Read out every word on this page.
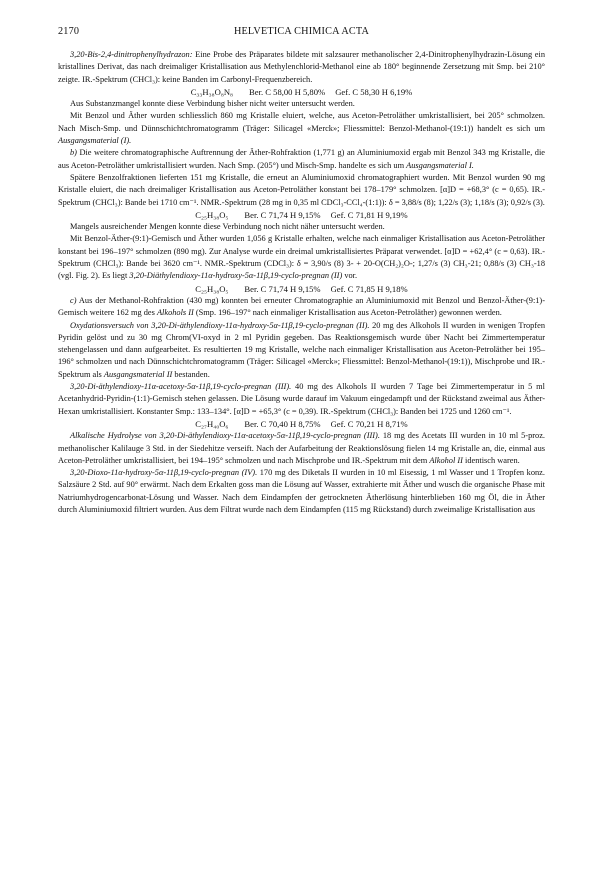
2170	HELVETICA CHIMICA ACTA

3,20-Bis-2,4-dinitrophenylhydrazon: Eine Probe des Präparates bildete mit salzsaurer methanolischer 2,4-Dinitrophenylhydrazin-Lösung ein kristallines Derivat, das nach dreimaliger Kristallisation aus Methylenchlorid-Methanol eine ab 180° beginnende Zersetzung mit Smp. bei 210° zeigte. IR.-Spektrum (CHCl₃): keine Banden im Carbonyl-Frequenzbereich.

C₃₃H₃₈O₈N₈ Ber. C 58,00 H 5,80% Gef. C 58,30 H 6,19%

Aus Substanzmangel konnte diese Verbindung bisher nicht weiter untersucht werden.

Mit Benzol und Äther wurden schliesslich 860 mg Kristalle eluiert, welche, aus Aceton-Petroläther umkristallisiert, bei 205° schmolzen. Nach Misch-Smp. und Dünnschichtchromatogramm (Träger: Silicagel «Merck»; Fliessmittel: Benzol-Methanol-(19:1)) handelt es sich um Ausgangsmaterial (I).

b) Die weitere chromatographische Auftrennung der Äther-Rohfraktion (1,771 g) an Aluminiumoxid ergab mit Benzol 343 mg Kristalle, die aus Aceton-Petroläther umkristallisiert wurden. Nach Smp. (205°) und Misch-Smp. handelte es sich um Ausgangsmaterial I.

Spätere Benzolfraktionen lieferten 151 mg Kristalle, die erneut an Aluminiumoxid chromatographiert wurden. Mit Benzol wurden 90 mg Kristalle eluiert, die nach dreimaliger Kristallisation aus Aceton-Petroläther konstant bei 178–179° schmolzen. [α]D = +68,3° (c = 0,65). IR.-Spektrum (CHCl₃): Bande bei 1710 cm⁻¹. NMR.-Spektrum (28 mg in 0,35 ml CDCl₃-CCl₄-(1:1)): δ = 3,88/s (8); 1,22/s (3); 1,18/s (3); 0,92/s (3).

C₂₅H₃₈O₅ Ber. C 71,74 H 9,15% Gef. C 71,81 H 9,19%

Mangels ausreichender Mengen konnte diese Verbindung noch nicht näher untersucht werden.

Mit Benzol-Äther-(9:1)-Gemisch und Äther wurden 1,056 g Kristalle erhalten, welche nach einmaliger Kristallisation aus Aceton-Petroläther konstant bei 196–197° schmolzen (890 mg). Zur Analyse wurde ein dreimal umkristallisiertes Präparat verwendet. [α]D = +62,4° (c = 0,63). IR.-Spektrum (CHCl₃): Bande bei 3620 cm⁻¹. NMR.-Spektrum (CDCl₃): δ = 3,90/s (8) 3- + 20-O(CH₂)₂O-; 1,27/s (3) CH₃-21; 0,88/s (3) CH₃-18 (vgl. Fig. 2). Es liegt 3,20-Diäthylendioxy-11α-hydroxy-5α-11β,19-cyclo-pregnan (II) vor.

C₂₅H₃₈O₅ Ber. C 71,74 H 9,15% Gef. C 71,85 H 9,18%

c) Aus der Methanol-Rohfraktion (430 mg) konnten bei erneuter Chromatographie an Aluminiumoxid mit Benzol und Benzol-Äther-(9:1)-Gemisch weitere 162 mg des Alkohols II (Smp. 196–197° nach einmaliger Kristallisation aus Aceton-Petroläther) gewonnen werden.

Oxydationsversuch von 3,20-Di-äthylendioxy-11α-hydroxy-5α-11β,19-cyclo-pregnan (II). 20 mg des Alkohols II wurden in wenigen Tropfen Pyridin gelöst und zu 30 mg Chrom(VI-oxyd in 2 ml Pyridin gegeben. Das Reaktionsgemisch wurde über Nacht bei Zimmertemperatur stehengelassen und dann aufgearbeitet. Es resultierten 19 mg Kristalle, welche nach einmaliger Kristallisation aus Aceton-Petroläther bei 195–196° schmolzen und nach Dünnschichtchromatogramm (Träger: Silicagel «Merck»; Fliessmittel: Benzol-Methanol-(19:1)), Mischprobe und IR.-Spektrum als Ausgangsmaterial II bestanden.

3,20-Di-äthylendioxy-11α-acetoxy-5α-11β,19-cyclo-pregnan (III). 40 mg des Alkohols II wurden 7 Tage bei Zimmertemperatur in 5 ml Acetanhydrid-Pyridin-(1:1)-Gemisch stehen gelassen. Die Lösung wurde darauf im Vakuum eingedampft und der Rückstand zweimal aus Äther-Hexan umkristallisiert. Konstanter Smp.: 133–134°. [α]D = +65,3° (c = 0,39). IR.-Spektrum (CHCl₃): Banden bei 1725 und 1260 cm⁻¹.

C₂₇H₄₀O₆ Ber. C 70,40 H 8,75% Gef. C 70,21 H 8,71%

Alkalische Hydrolyse von 3,20-Di-äthylendioxy-11α-acetoxy-5α-11β,19-cyclo-pregnan (III). 18 mg des Acetats III wurden in 10 ml 5-proz. methanolischer Kalilauge 3 Std. in der Siedehitze verseift. Nach der Aufarbeitung der Reaktionslösung fielen 14 mg Kristalle an, die, einmal aus Aceton-Petroläther umkristallisiert, bei 194–195° schmolzen und nach Mischprobe und IR.-Spektrum mit dem Alkohol II identisch waren.

3,20-Dioxo-11α-hydroxy-5α-11β,19-cyclo-pregnan (IV). 170 mg des Diketals II wurden in 10 ml Eisessig, 1 ml Wasser und 1 Tropfen konz. Salzsäure 2 Std. auf 90° erwärmt. Nach dem Erkalten goss man die Lösung auf Wasser, extrahierte mit Äther und wusch die organische Phase mit Natriumhydrogencarbonat-Lösung und Wasser. Nach dem Eindampfen der getrockneten Ätherlösung hinterblieben 160 mg Öl, die in Äther durch Aluminiumoxid filtriert wurden. Aus dem Filtrat wurde nach dem Eindampfen (115 mg Rückstand) durch zweimalige Kristallisation aus
